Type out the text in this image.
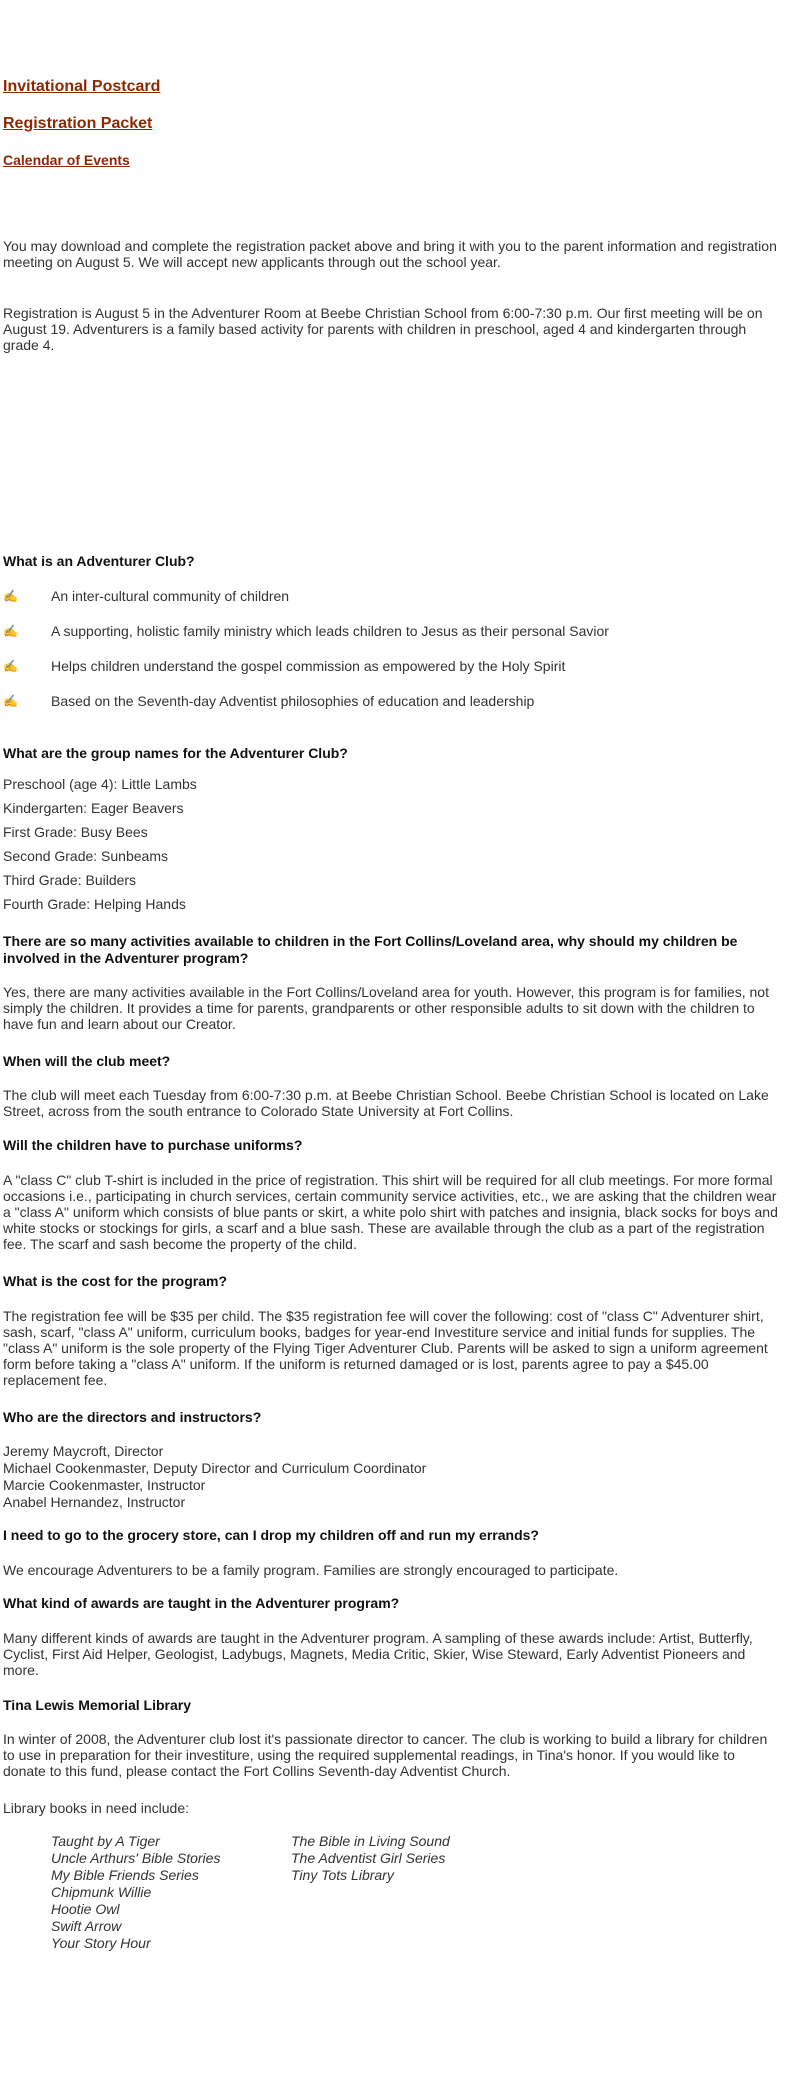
Invitational Postcard
Registration Packet
Calendar of Events

You may download and complete the registration packet above and bring it with you to the parent information and registration meeting on August 5. We will accept new applicants through out the school year.

Registration is August 5 in the Adventurer Room at Beebe Christian School from 6:00-7:30 p.m. Our first meeting will be on August 19. Adventurers is a family based activity for parents with children in preschool, aged 4 and kindergarten through grade 4.

What is an Adventurer Club?
✍ An inter-cultural community of children
✍ A supporting, holistic family ministry which leads children to Jesus as their personal Savior
✍ Helps children understand the gospel commission as empowered by the Holy Spirit
✍ Based on the Seventh-day Adventist philosophies of education and leadership
What are the group names for the Adventurer Club?
Preschool (age 4): Little Lambs
Kindergarten: Eager Beavers
First Grade: Busy Bees
Second Grade: Sunbeams
Third Grade: Builders
Fourth Grade: Helping Hands
There are so many activities available to children in the Fort Collins/Loveland area, why should my children be involved in the Adventurer program?

Yes, there are many activities available in the Fort Collins/Loveland area for youth. However, this program is for families, not simply the children. It provides a time for parents, grandparents or other responsible adults to sit down with the children to have fun and learn about our Creator.

When will the club meet?

The club will meet each Tuesday from 6:00-7:30 p.m. at Beebe Christian School. Beebe Christian School is located on Lake Street, across from the south entrance to Colorado State University at Fort Collins.

Will the children have to purchase uniforms?

A "class C" club T-shirt is included in the price of registration. This shirt will be required for all club meetings. For more formal occasions i.e., participating in church services, certain community service activities, etc., we are asking that the children wear a "class A" uniform which consists of blue pants or skirt, a white polo shirt with patches and insignia, black socks for boys and white stocks or stockings for girls, a scarf and a blue sash. These are available through the club as a part of the registration fee. The scarf and sash become the property of the child.

What is the cost for the program?

The registration fee will be $35 per child. The $35 registration fee will cover the following: cost of "class C" Adventurer shirt, sash, scarf, "class A" uniform, curriculum books, badges for year-end Investiture service and initial funds for supplies. The "class A" uniform is the sole property of the Flying Tiger Adventurer Club. Parents will be asked to sign a uniform agreement form before taking a "class A" uniform. If the uniform is returned damaged or is lost, parents agree to pay a $45.00 replacement fee.

Who are the directors and instructors?
Jeremy Maycroft, Director
Michael Cookenmaster, Deputy Director and Curriculum Coordinator
Marcie Cookenmaster, Instructor
Anabel Hernandez, Instructor
I need to go to the grocery store, can I drop my children off and run my errands?

We encourage Adventurers to be a family program. Families are strongly encouraged to participate.

What kind of awards are taught in the Adventurer program?

Many different kinds of awards are taught in the Adventurer program. A sampling of these awards include: Artist, Butterfly, Cyclist, First Aid Helper, Geologist, Ladybugs, Magnets, Media Critic, Skier, Wise Steward, Early Adventist Pioneers and more.

Tina Lewis Memorial Library

In winter of 2008, the Adventurer club lost it's passionate director to cancer. The club is working to build a library for children to use in preparation for their investiture, using the required supplemental readings, in Tina's honor. If you would like to donate to this fund, please contact the Fort Collins Seventh-day Adventist Church.

Library books in need include:

Taught by A Tiger
Uncle Arthurs' Bible Stories
My Bible Friends Series
Chipmunk Willie
Hootie Owl
Swift Arrow
Your Story Hour
The Bible in Living Sound
The Adventist Girl Series
Tiny Tots Library
